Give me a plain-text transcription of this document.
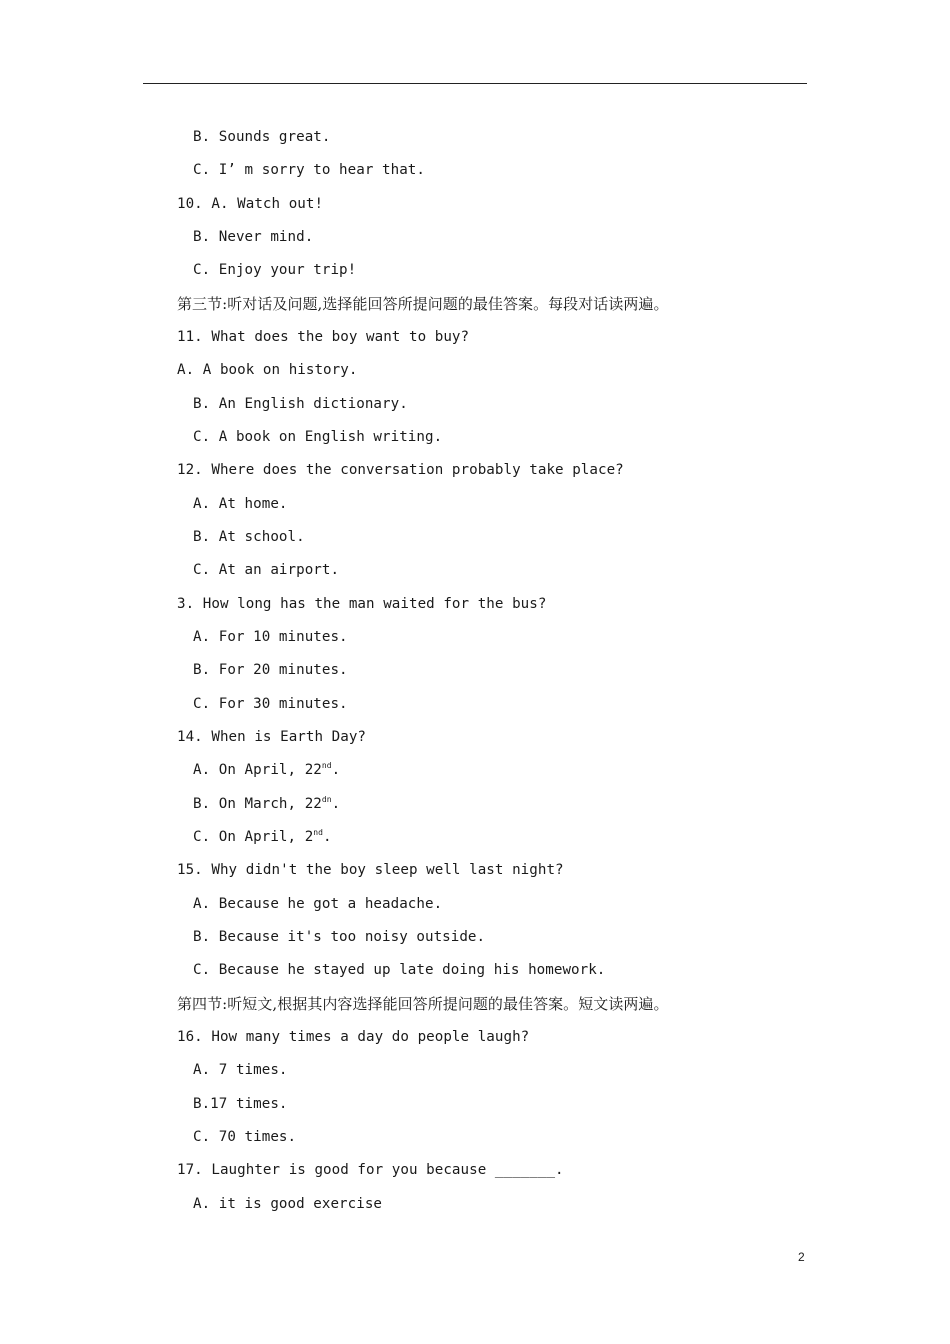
B. Sounds great.
C. I’ m sorry to hear that.
10. A. Watch out!
B. Never mind.
C. Enjoy your trip!
第三节:听对话及问题,选择能回答所提问题的最佳答案。每段对话读两遍。
11. What does the boy want to buy?
A. A book on history.
B. An English dictionary.
C. A book on English writing.
12. Where does the conversation probably take place?
A. At home.
B. At school.
C. At an airport.
3. How long has the man waited for the bus?
A. For 10 minutes.
B. For 20 minutes.
C. For 30 minutes.
14. When is Earth Day?
A. On April, 22nd.
B. On March, $22^{dn}$.
C. On April, 2nd.
15. Why didn't the boy sleep well last night?
A. Because he got a headache.
B. Because it's too noisy outside.
C. Because he stayed up late doing his homework.
第四节:听短文,根据其内容选择能回答所提问题的最佳答案。短文读两遍。
16. How many times a day do people laugh?
A. 7 times.
B.17 times.
C. 70 times.
17. Laughter is good for you because _______.
A. it is good exercise
2
